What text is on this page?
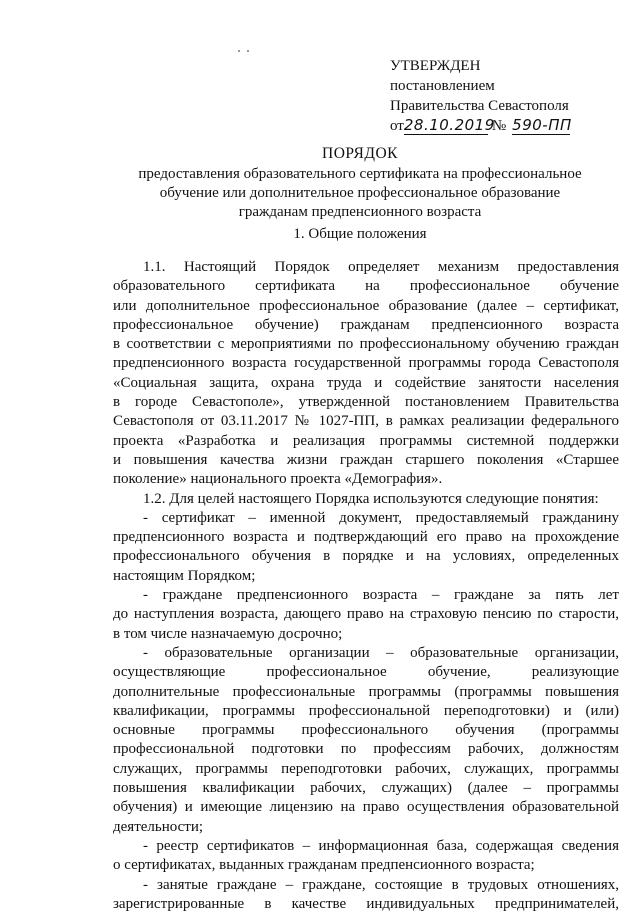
УТВЕРЖДЕН
постановлением
Правительства Севастополя
от28.10.2019№ 590-ПП
ПОРЯДОК
предоставления образовательного сертификата на профессиональное
обучение или дополнительное профессиональное образование
гражданам предпенсионного возраста
1. Общие положения
1.1. Настоящий Порядок определяет механизм предоставления
образовательного сертификата на профессиональное обучение
или дополнительное профессиональное образование (далее – сертификат,
профессиональное обучение) гражданам предпенсионного возраста
в соответствии с мероприятиями по профессиональному обучению граждан
предпенсионного возраста государственной программы города Севастополя
«Социальная защита, охрана труда и содействие занятости населения
в городе Севастополе», утвержденной постановлением Правительства
Севастополя от 03.11.2017 № 1027-ПП, в рамках реализации федерального
проекта «Разработка и реализация программы системной поддержки
и повышения качества жизни граждан старшего поколения «Старшее
поколение» национального проекта «Демография».
1.2. Для целей настоящего Порядка используются следующие понятия:
- сертификат – именной документ, предоставляемый гражданину
предпенсионного возраста и подтверждающий его право на прохождение
профессионального обучения в порядке и на условиях, определенных
настоящим Порядком;
- граждане предпенсионного возраста – граждане за пять лет
до наступления возраста, дающего право на страховую пенсию по старости,
в том числе назначаемую досрочно;
- образовательные организации – образовательные организации,
осуществляющие профессиональное обучение, реализующие
дополнительные профессиональные программы (программы повышения
квалификации, программы профессиональной переподготовки) и (или)
основные программы профессионального обучения (программы
профессиональной подготовки по профессиям рабочих, должностям
служащих, программы переподготовки рабочих, служащих, программы
повышения квалификации рабочих, служащих) (далее – программы
обучения) и имеющие лицензию на право осуществления образовательной
деятельности;
- реестр сертификатов – информационная база, содержащая сведения
о сертификатах, выданных гражданам предпенсионного возраста;
- занятые граждане – граждане, состоящие в трудовых отношениях,
зарегистрированные в качестве индивидуальных предпринимателей,
